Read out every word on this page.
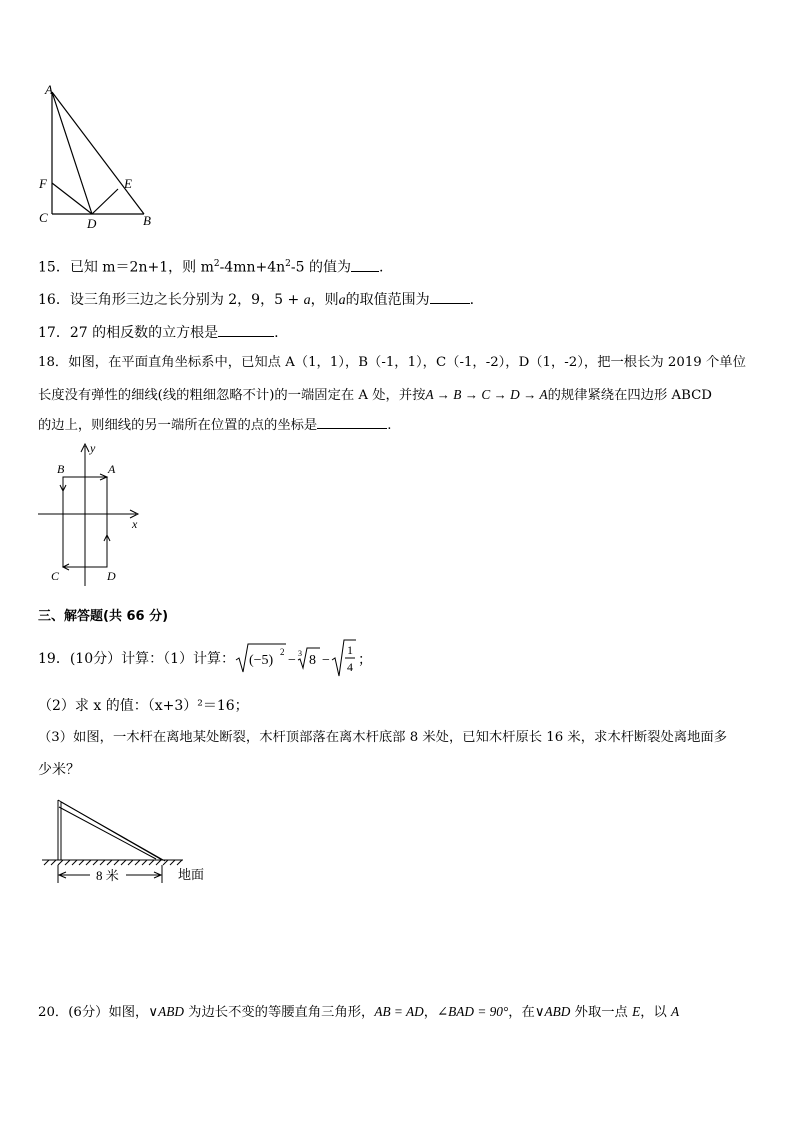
A
F	E
C	D	B
15．已知 m＝2n+1，则 $m^2-4mn+4n^2-5$ 的值为 .
16．设三角形三边之长分别为 2，9，5 + a，则a的取值范围为	.
17．27 的相反数的立方根是	.
18．如图，在平面直角坐标系中，已知点 A（1，1），B（-1，1），C（-1，-2），D（1，-2），把一根长为 2019 个单位
长度没有弹性的细线(线的粗细忽略不计)的一端固定在 A 处，并按A → B → C → D → A的规律紧绕在四边形 ABCD
的边上，则细线的另一端所在位置的点的坐标是	.
y
x
B	A
C	D
三、解答题(共 66 分)
19．(10分）计算：（1）计算： (−5)
2
− 3 8 −
1
4 ；
（2）求 x 的值：（x+3）²＝16；
（3）如图，一木杆在离地某处断裂，木杆顶部落在离木杆底部 8 米处，已知木杆原长 16 米，求木杆断裂处离地面多
少米？
8 米	地面
20．(6分）如图，∨ABD 为边长不变的等腰直角三角形，AB = AD，∠BAD = 90°，在∨ABD 外取一点 E，以 A
